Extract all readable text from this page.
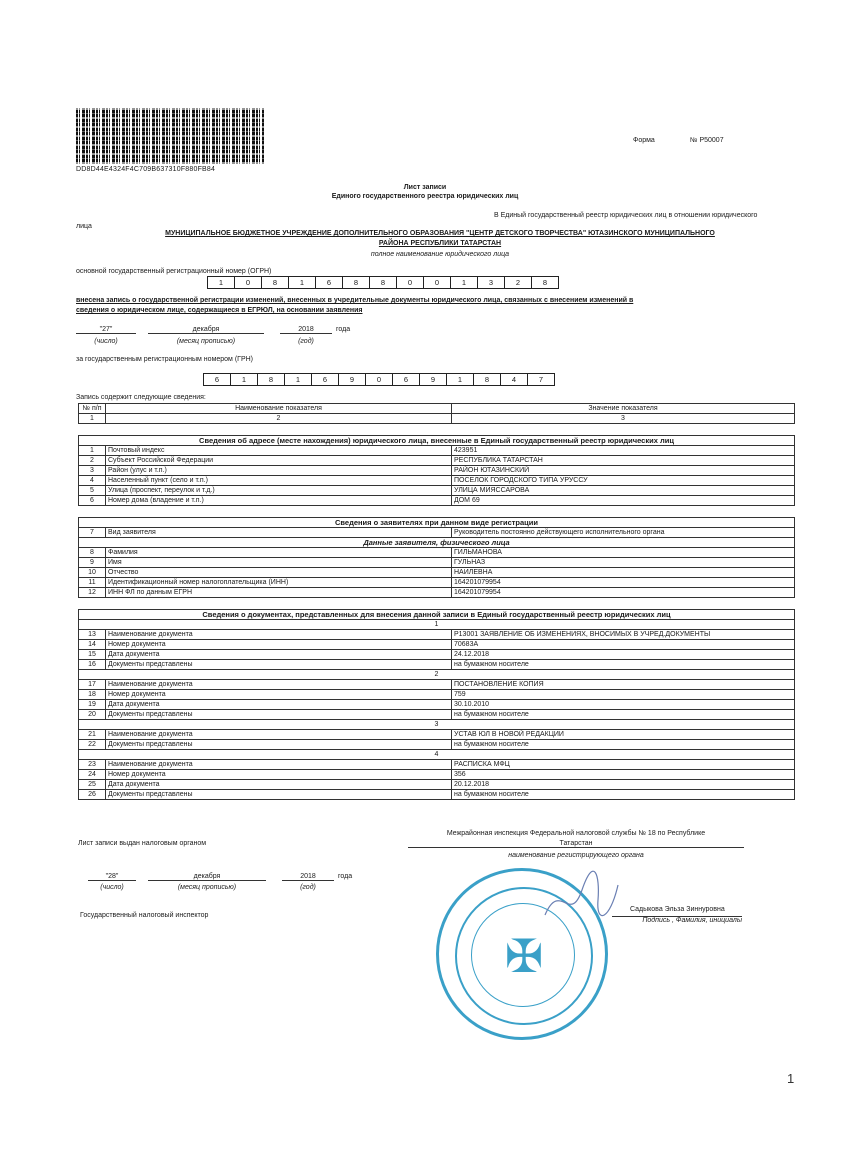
DD8D44E4324F4C709B637310F880FB84
Форма	№ Р50007
Лист записи
Единого государственного реестра юридических лиц
В Единый государственный реестр юридических лиц в отношении юридического
лица
МУНИЦИПАЛЬНОЕ БЮДЖЕТНОЕ УЧРЕЖДЕНИЕ ДОПОЛНИТЕЛЬНОГО ОБРАЗОВАНИЯ "ЦЕНТР ДЕТСКОГО ТВОРЧЕСТВА" ЮТАЗИНСКОГО МУНИЦИПАЛЬНОГО
РАЙОНА РЕСПУБЛИКИ ТАТАРСТАН
полное наименование юридического лица
основной государственный регистрационный номер (ОГРН)
1	0	8	1	6	8	8	0	0	1	3	2	8
внесена запись о государственной регистрации изменений, внесенных в учредительные документы юридического лица, связанных с внесением изменений в
сведения о юридическом лице, содержащиеся в ЕГРЮЛ, на основании заявления
"27"	декабря	2018	года
(число)	(месяц прописью)	(год)
за государственным регистрационным номером (ГРН)
6	1	8	1	6	9	0	6	9	1	8	4	7
Запись содержит следующие сведения:
№ п/п	Наименование показателя	Значение показателя
1	2	3

Сведения об адресе (месте нахождения) юридического лица, внесенные в Единый государственный реестр юридических лиц		
1	Почтовый индекс	423951
2	Субъект Российской Федерации	РЕСПУБЛИКА ТАТАРСТАН
3	Район (улус и т.п.)	РАЙОН ЮТАЗИНСКИЙ
4	Населенный пункт (село и т.п.)	ПОСЕЛОК ГОРОДСКОГО ТИПА УРУССУ
5	Улица (проспект, переулок и т.д.)	УЛИЦА МИЯССАРОВА
6	Номер дома (владение и т.п.)	ДОМ 69

Сведения о заявителях при данном виде регистрации		
7	Вид заявителя	Руководитель постоянно действующего исполнительного органа
Данные заявителя, физического лица		
8	Фамилия	ГИЛЬМАНОВА
9	Имя	ГУЛЬНАЗ
10	Отчество	НАИЛЕВНА
11	Идентификационный номер налогоплательщика (ИНН)	164201079954
12	ИНН ФЛ по данным ЕГРН	164201079954

Сведения о документах, представленных для внесения данной записи в Единый государственный реестр юридических лиц		
1		
13	Наименование документа	Р13001 ЗАЯВЛЕНИЕ ОБ ИЗМЕНЕНИЯХ, ВНОСИМЫХ В УЧРЕД.ДОКУМЕНТЫ
14	Номер документа	70683А
15	Дата документа	24.12.2018
16	Документы представлены	на бумажном носителе
2		
17	Наименование документа	ПОСТАНОВЛЕНИЕ КОПИЯ
18	Номер документа	759
19	Дата документа	30.10.2010
20	Документы представлены	на бумажном носителе
3		
21	Наименование документа	УСТАВ ЮЛ В НОВОЙ РЕДАКЦИИ
22	Документы представлены	на бумажном носителе
4		
23	Наименование документа	РАСПИСКА МФЦ
24	Номер документа	356
25	Дата документа	20.12.2018
26	Документы представлены	на бумажном носителе
Лист записи выдан налоговым органом
Межрайонная инспекция Федеральной налоговой службы № 18 по Республике
Татарстан
наименование регистрирующего органа
"28"	декабря	2018	года
(число)	(месяц прописью)	(год)
Государственный налоговый инспектор
✠
Садыкова Эльза Зиннуровна
Подпись , Фамилия, инициалы
1
